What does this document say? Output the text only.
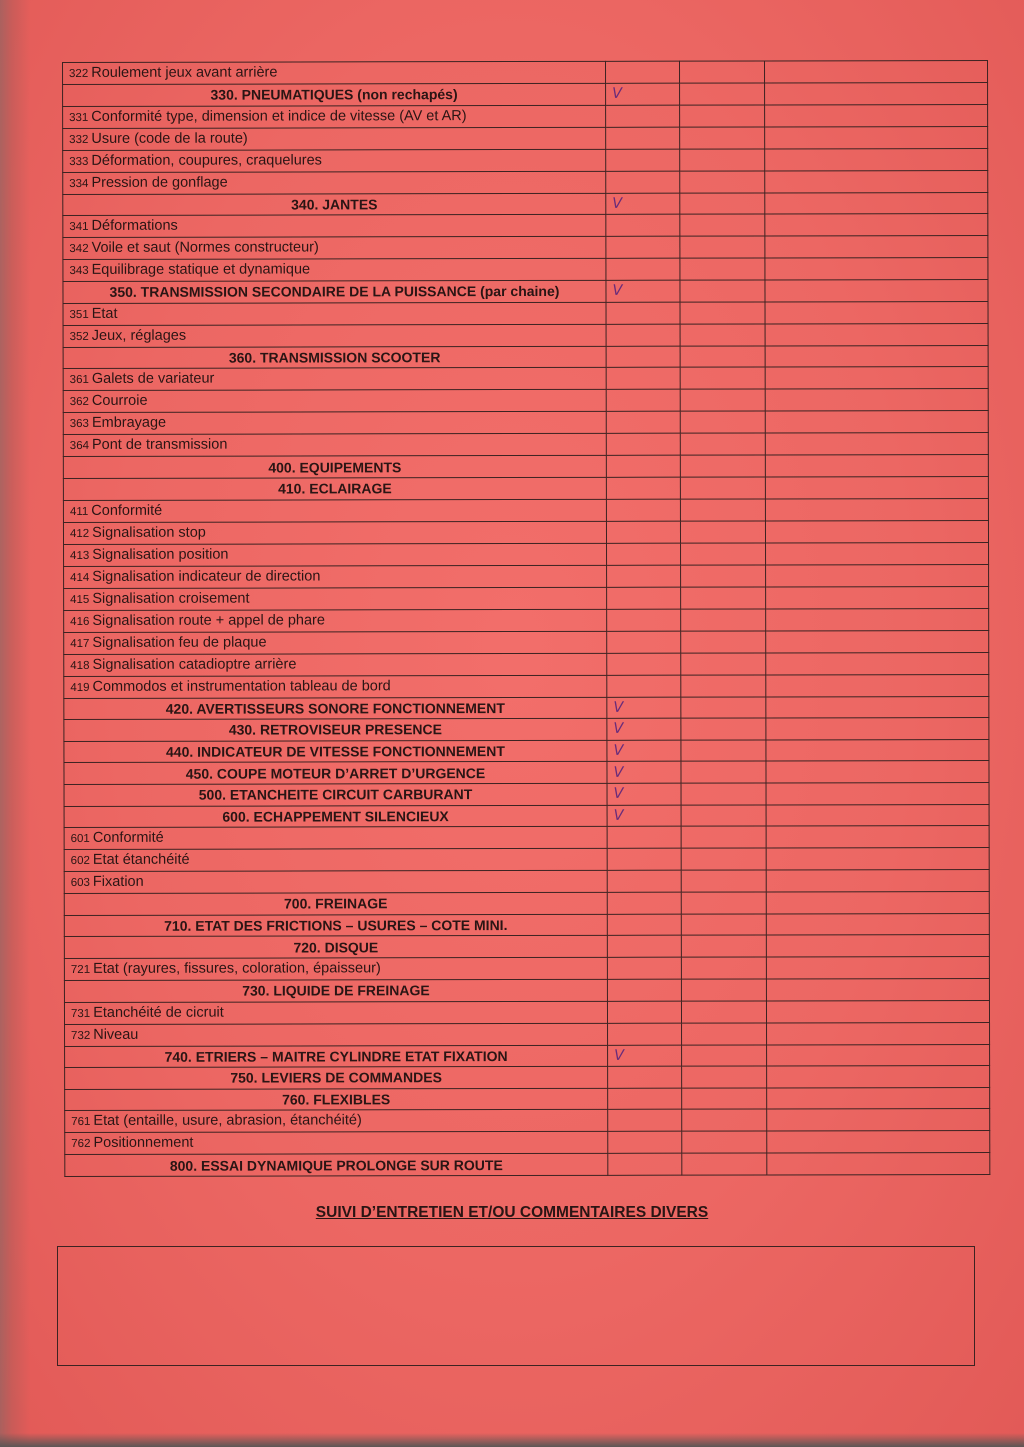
322 Roulement jeux avant arrière			
330. PNEUMATIQUES (non rechapés)	V		
331 Conformité type, dimension et indice de vitesse (AV et AR)			
332 Usure (code de la route)			
333 Déformation, coupures, craquelures			
334 Pression de gonflage			
340. JANTES	V		
341 Déformations			
342 Voile et saut (Normes constructeur)			
343 Equilibrage statique et dynamique			
350. TRANSMISSION SECONDAIRE DE LA PUISSANCE (par chaine)	V		
351 Etat			
352 Jeux, réglages			
360. TRANSMISSION SCOOTER			
361 Galets de variateur			
362 Courroie			
363 Embrayage			
364 Pont de transmission			
400. EQUIPEMENTS			
410. ECLAIRAGE			
411 Conformité			
412 Signalisation stop			
413 Signalisation position			
414 Signalisation indicateur de direction			
415 Signalisation croisement			
416 Signalisation route + appel de phare			
417 Signalisation feu de plaque			
418 Signalisation catadioptre arrière			
419 Commodos et instrumentation tableau de bord			
420. AVERTISSEURS SONORE FONCTIONNEMENT	V		
430. RETROVISEUR PRESENCE	V		
440. INDICATEUR DE VITESSE FONCTIONNEMENT	V		
450. COUPE MOTEUR D’ARRET D’URGENCE	V		
500. ETANCHEITE CIRCUIT CARBURANT	V		
600. ECHAPPEMENT SILENCIEUX	V		
601 Conformité			
602 Etat étanchéité			
603 Fixation			
700. FREINAGE			
710. ETAT DES FRICTIONS – USURES – COTE MINI.			
720. DISQUE			
721 Etat (rayures, fissures, coloration, épaisseur)			
730. LIQUIDE DE FREINAGE			
731 Etanchéité de cicruit			
732 Niveau			
740. ETRIERS – MAITRE CYLINDRE ETAT FIXATION	V		
750. LEVIERS DE COMMANDES			
760. FLEXIBLES			
761 Etat (entaille, usure, abrasion, étanchéité)			
762 Positionnement			
800. ESSAI DYNAMIQUE PROLONGE SUR ROUTE			
SUIVI D’ENTRETIEN ET/OU COMMENTAIRES DIVERS
